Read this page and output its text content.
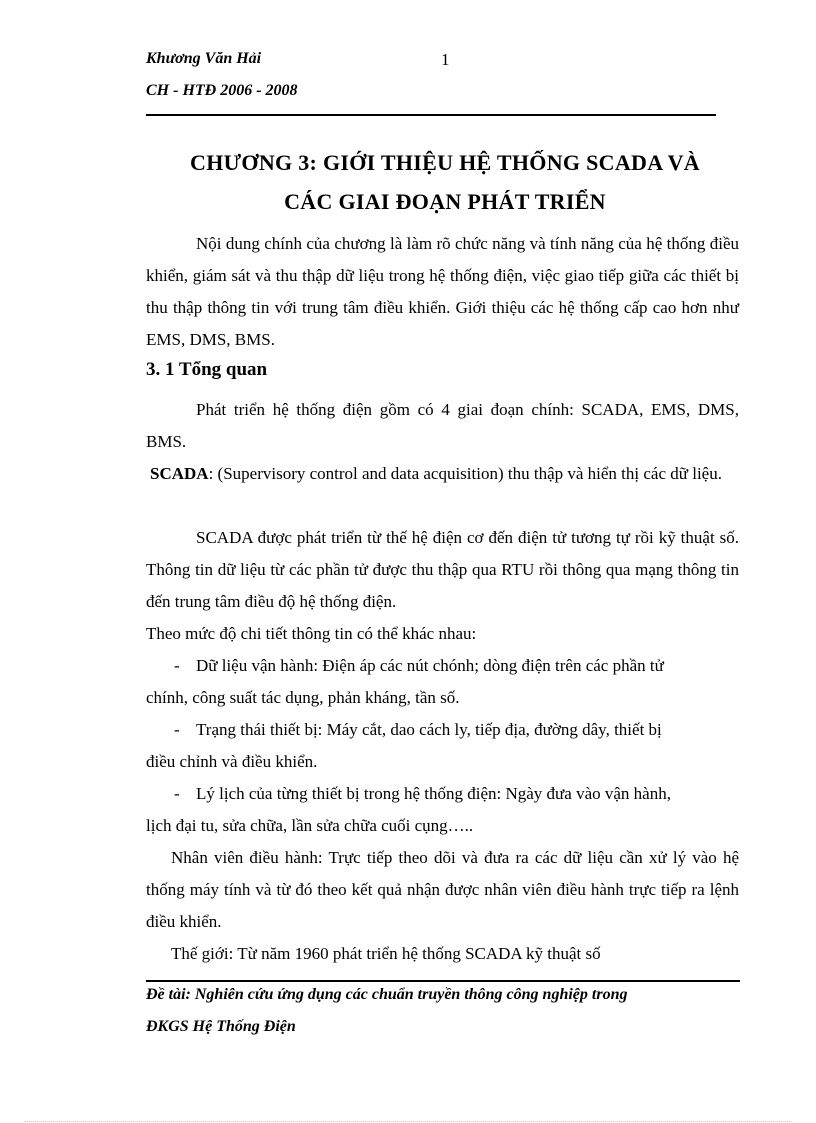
Khương Văn Hải	1
CH - HTĐ 2006 - 2008
CHƯƠNG 3: GIỚI THIỆU HỆ THỐNG SCADA VÀ
CÁC GIAI ĐOẠN PHÁT TRIỂN
Nội dung chính của chương là làm rõ chức năng và tính năng của hệ thống điều khiển, giám sát và thu thập dữ liệu trong hệ thống điện, việc giao tiếp giữa các thiết bị thu thập thông tin với trung tâm điều khiển. Giới thiệu các hệ thống cấp cao hơn như EMS, DMS, BMS.
3. 1 Tổng quan
Phát triển hệ thống điện gồm có 4 giai đoạn chính: SCADA, EMS, DMS, BMS.
SCADA: (Supervisory control and data acquisition) thu thập và hiển thị các dữ liệu.
SCADA được phát triển từ thế hệ điện cơ đến điện tử tương tự rồi kỹ thuật số. Thông tin dữ liệu từ các phần tử được thu thập qua RTU rồi thông qua mạng thông tin đến trung tâm điều độ hệ thống điện.
Theo mức độ chi tiết thông tin có thể khác nhau:
- Dữ liệu vận hành: Điện áp các nút chónh; dòng điện trên các phần tử
chính, công suất tác dụng, phản kháng, tần số.
- Trạng thái thiết bị: Máy cắt, dao cách ly, tiếp địa, đường dây, thiết bị
điều chỉnh và điều khiển.
- Lý lịch của từng thiết bị trong hệ thống điện: Ngày đưa vào vận hành,
lịch đại tu, sửa chữa, lần sửa chữa cuối cụng…..
Nhân viên điều hành: Trực tiếp theo dõi và đưa ra các dữ liệu cần xử lý vào hệ thống máy tính và từ đó theo kết quả nhận được nhân viên điều hành trực tiếp ra lệnh điều khiển.
Thế giới: Từ năm 1960 phát triển hệ thống SCADA kỹ thuật số
Đề tài: Nghiên cứu ứng dụng các chuẩn truyền thông công nghiệp trong
ĐKGS Hệ Thống Điện
